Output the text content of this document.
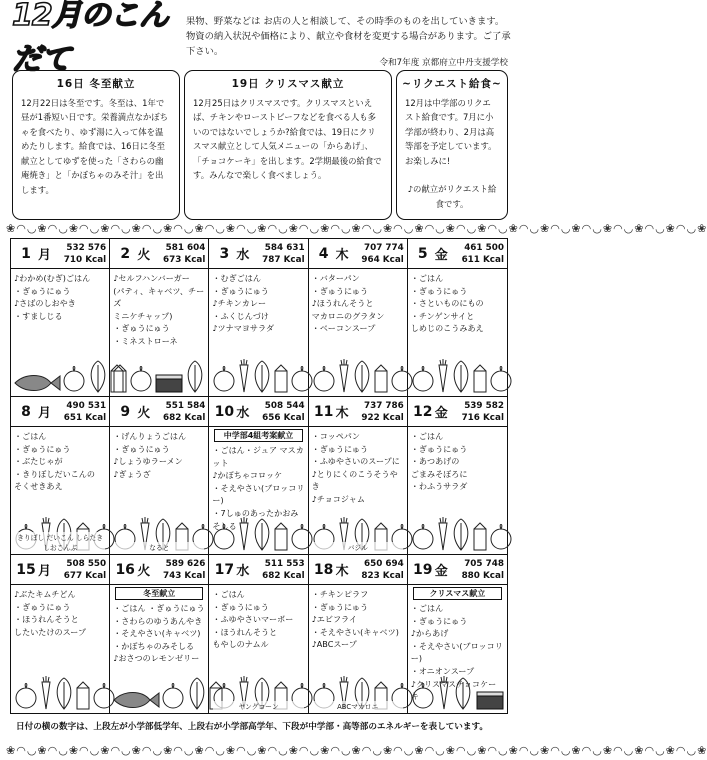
12月のこんだて
果物、野菜などは お店の人と相談して、その時季のものを出していきます。
物資の納入状況や価格により、献立や食材を変更する場合があります。ご了承下さい。
令和7年度 京都府立中丹支援学校
16日 冬至献立

12月22日は冬至です。冬至は、1年で昼が1番短い日です。栄養満点なかぼちゃを食べたり、ゆず湯に入って体を温めたりします。給食では、16日に冬至献立としてゆずを使った「さわらの幽庵焼き」と「かぼちゃのみそ汁」を出します。

19日 クリスマス献立

12月25日はクリスマスです。クリスマスといえば、チキンやローストビーフなどを食べる人も多いのではないでしょうか?給食では、19日にクリスマス献立として人気メニューの「からあげ」、「チョコケーキ」を出します。2学期最後の給食です。みんなで楽しく食べましょう。

~リクエスト給食~

12月は中学部のリクエスト給食です。7月に小学部が終わり、2月は高等部を予定しています。お楽しみに!

♪の献立がリクエスト給食です。

❀◠◡❀◠◡❀◠◡❀◠◡❀◠◡❀◠◡❀◠◡❀◠◡❀◠◡❀◠◡❀◠◡❀◠◡❀◠◡❀◠◡❀◠◡❀◠◡❀◠◡❀◠◡❀◠◡❀◠◡❀◠◡❀◠◡❀
❀◠◡❀◠◡❀◠◡❀◠◡❀◠◡❀◠◡❀◠◡❀◠◡❀◠◡❀◠◡❀◠◡❀◠◡❀◠◡❀◠◡❀◠◡❀◠◡❀◠◡❀◠◡❀◠◡❀◠◡❀◠◡❀◠◡❀
1 月
532 576
710 Kcal
♪わかめ(むぎ)ごはん
・ぎゅうにゅう
♪さばのしおやき
・すましじる
2 火
581 604
673 Kcal
♪セルフハンバーガー
(パティ、キャベツ、チーズ
ミニケチャップ)
・ぎゅうにゅう
・ミネストローネ
3 水
584 631
787 Kcal
・むぎごはん
・ぎゅうにゅう
♪チキンカレー
・ふくじんづけ
♪ツナマヨサラダ
4 木
707 774
964 Kcal
・バターパン
・ぎゅうにゅう
♪ほうれんそうと
マカロニのグラタン
・ベーコンスープ
5 金
461 500
611 Kcal
・ごはん
・ぎゅうにゅう
・さといものにもの
・チンゲンサイと
しめじのこうみあえ
8 月
490 531
651 Kcal
・ごはん
・ぎゅうにゅう
・ぶたじゃが
・きりぼしだいこんの
そくせきあえ
きりぼし だいこん しらたき しおこんぶ
9 火
551 584
682 Kcal
・げんりょうごはん
・ぎゅうにゅう
♪しょうゆラーメン
♪ぎょうざ
なると
10 水
508 544
656 Kcal
中学部4組考案献立
・ごはん・ジュア マスカット
♪かぼちゃコロッケ
・そえやさい(ブロッコリー)
・7しゅのあったかおみそしる
11 木
737 786
922 Kcal
・コッペパン
・ぎゅうにゅう
・ふゆやさいのスープに
♪とりにくのこうそうやき
♪チョコジャム
バジル
12 金
539 582
716 Kcal
・ごはん
・ぎゅうにゅう
・あつあげの
ごまみそぼろに
・わふうサラダ
15 月
508 550
677 Kcal
♪ぶたキムチどん
・ぎゅうにゅう
・ほうれんそうと
したいたけのスープ
16 火
589 626
743 Kcal
冬至献立
・ごはん ・ぎゅうにゅう
・さわらのゆうあんやき
・そえやさい(キャベツ)
・かぼちゃのみそしる
♪おさつのレモンゼリー
17 水
511 553
682 Kcal
・ごはん
・ぎゅうにゅう
・ふゆやさいマーボー
・ほうれんそうと
もやしのナムル
ヤングコーン
18 木
650 694
823 Kcal
・チキンピラフ
・ぎゅうにゅう
♪エビフライ
・そえやさい(キャベツ)
♪ABCスープ
ABCマカロニ
19 金
705 748
880 Kcal
クリスマス献立
・ごはん
・ぎゅうにゅう
♪からあげ
・そえやさい(ブロッコリー)
・オニオンスープ
♪クリスマスチョコケーキ
日付の横の数字は、上段左が小学部低学年、上段右が小学部高学年、下段が中学部・高等部のエネルギーを表しています。
